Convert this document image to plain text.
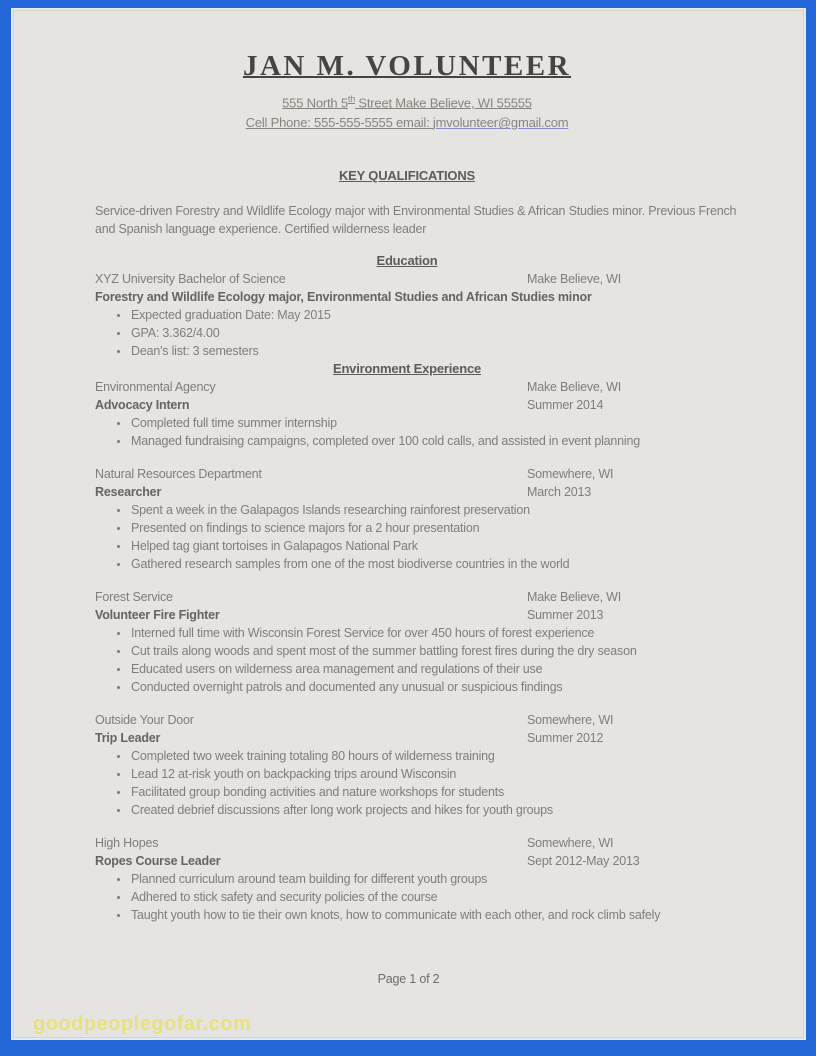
JAN M. VOLUNTEER
555 North 5th Street Make Believe, WI 55555
Cell Phone: 555-555-5555 email: jmvolunteer@gmail.com
KEY QUALIFICATIONS

Service-driven Forestry and Wildlife Ecology major with Environmental Studies & African Studies minor. Previous French and Spanish language experience. Certified wilderness leader

Education
XYZ University Bachelor of Science	Make Believe, WI
Forestry and Wildlife Ecology major, Environmental Studies and African Studies minor
• Expected graduation Date: May 2015
• GPA: 3.362/4.00
• Dean's list: 3 semesters
Environment Experience
Environmental Agency	Make Believe, WI
Advocacy Intern	Summer 2014
• Completed full time summer internship
• Managed fundraising campaigns, completed over 100 cold calls, and assisted in event planning
Natural Resources Department	Somewhere, WI
Researcher	March 2013
• Spent a week in the Galapagos Islands researching rainforest preservation
• Presented on findings to science majors for a 2 hour presentation
• Helped tag giant tortoises in Galapagos National Park
• Gathered research samples from one of the most biodiverse countries in the world
Forest Service	Make Believe, WI
Volunteer Fire Fighter	Summer 2013
• Interned full time with Wisconsin Forest Service for over 450 hours of forest experience
• Cut trails along woods and spent most of the summer battling forest fires during the dry season
• Educated users on wilderness area management and regulations of their use
• Conducted overnight patrols and documented any unusual or suspicious findings
Outside Your Door	Somewhere, WI
Trip Leader	Summer 2012
• Completed two week training totaling 80 hours of wilderness training
• Lead 12 at-risk youth on backpacking trips around Wisconsin
• Facilitated group bonding activities and nature workshops for students
• Created debrief discussions after long work projects and hikes for youth groups
High Hopes	Somewhere, WI
Ropes Course Leader	Sept 2012-May 2013
• Planned curriculum around team building for different youth groups
• Adhered to stick safety and security policies of the course
• Taught youth how to tie their own knots, how to communicate with each other, and rock climb safely
Page 1 of 2
goodpeoplegofar.com
